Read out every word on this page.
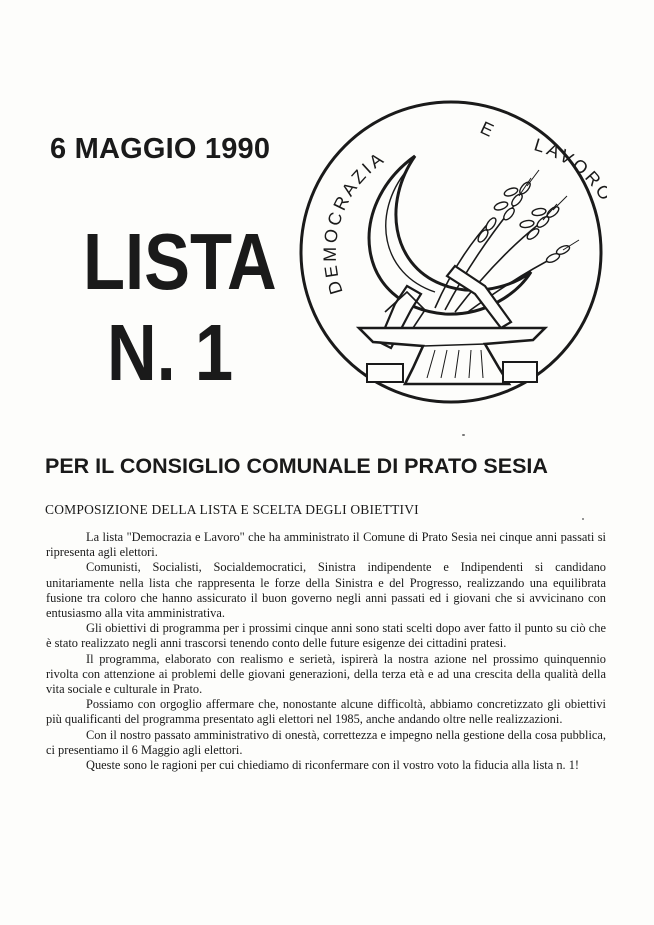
6 MAGGIO 1990
LISTA
N. 1
DEMOCRAZIA
E
LAVOR
PER IL CONSIGLIO COMUNALE DI PRATO SESIA
COMPOSIZIONE DELLA LISTA E SCELTA DEGLI OBIETTIVI

La lista "Democrazia e Lavoro" che ha amministrato il Comune di Prato Sesia nei cinque anni passati si ripresenta agli elettori.

Comunisti, Socialisti, Socialdemocratici, Sinistra indipendente e Indipendenti si candidano unitariamente nella lista che rappresenta le forze della Sinistra e del Progresso, realizzando una equilibrata fusione tra coloro che hanno assicurato il buon governo negli anni passati ed i giovani che si avvicinano con entusiasmo alla vita amministrativa.

Gli obiettivi di programma per i prossimi cinque anni sono stati scelti dopo aver fatto il punto su ciò che è stato realizzato negli anni trascorsi tenendo conto delle future esigenze dei cittadini pratesi.

Il programma, elaborato con realismo e serietà, ispirerà la nostra azione nel prossimo quinquennio rivolta con attenzione ai problemi delle giovani generazioni, della terza età e ad una crescita della qualità della vita sociale e culturale in Prato.

Possiamo con orgoglio affermare che, nonostante alcune difficoltà, abbiamo concretizzato gli obiettivi più qualificanti del programma presentato agli elettori nel 1985, anche andando oltre nelle realizzazioni.

Con il nostro passato amministrativo di onestà, correttezza e impegno nella gestione della cosa pubblica, ci presentiamo il 6 Maggio agli elettori.

Queste sono le ragioni per cui chiediamo di riconfermare con il vostro voto la fiducia alla lista n. 1!
